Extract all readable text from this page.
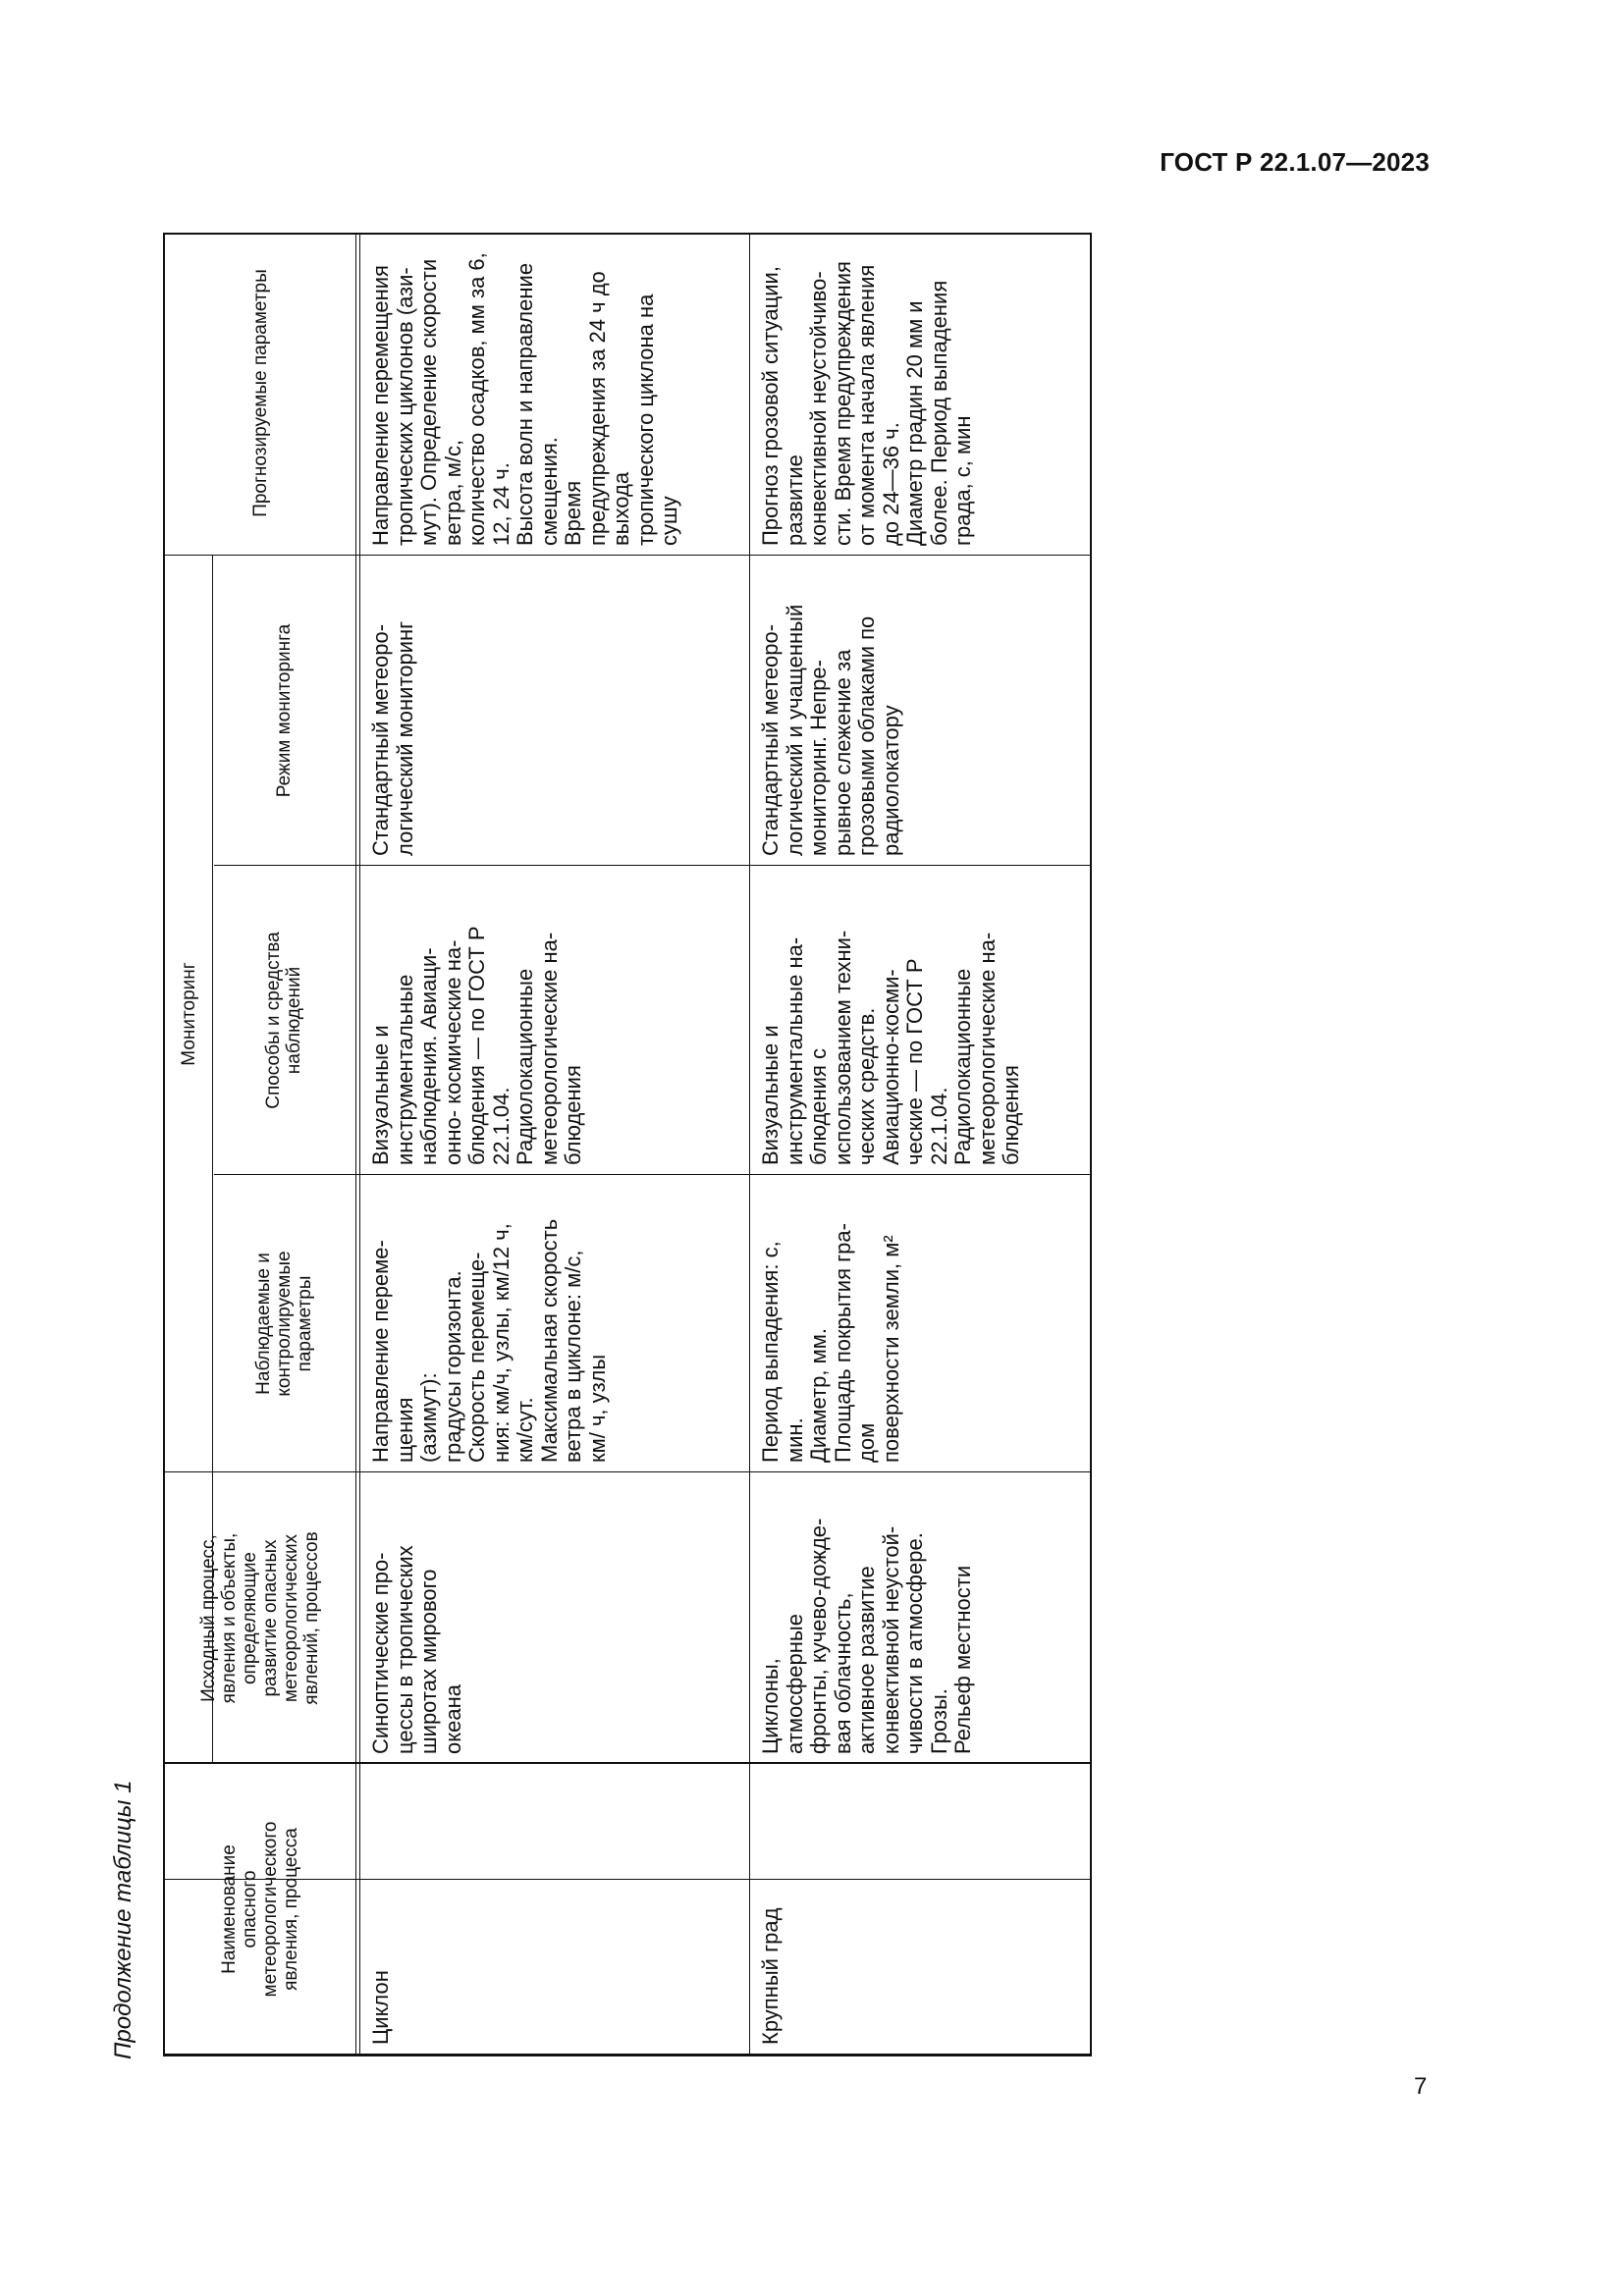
ГОСТ Р 22.1.07—2023
Продолжение таблицы 1	Наименование
опасного
метеорологического
явления, процесса
Исходный процесс,
явления и объекты,
определяющие
развитие опасных
метеорологических
явлений, процессов
Мониторинг
Наблюдаемые и
контролируемые
параметры
Способы и средства
наблюдений
Режим мониторинга
Прогнозируемые параметры
Циклон
Синоптические про-
цессы в тропических
широтах мирового
океана
Направление переме-
щения
(азимут):
градусы горизонта.
Скорость перемеще-
ния: км/ч, узлы, км/12 ч,
км/сут.
Максимальная скорость
ветра в циклоне: м/с,
км/ ч, узлы
Визуальные и
инструментальные
наблюдения. Авиаци-
онно- космические на-
блюдения — по ГОСТ Р
22.1.04.
Радиолокационные
метеорологические на-
блюдения
Стандартный метеоро-
логический мониторинг
Направление перемещения
тропических циклонов (ази-
мут). Определение скорости
ветра, м/с,
количество осадков, мм за 6,
12, 24 ч.
Высота волн и направление
смещения.
Время
предупреждения за 24 ч до
выхода
тропического циклона на
сушу
Крупный град
Циклоны,
атмосферные
фронты, кучево-дожде-
вая облачность,
активное развитие
конвективной неустой-
чивости в атмосфере.
Грозы.
Рельеф местности
Период выпадения: с,
мин.
Диаметр, мм.
Площадь покрытия гра-
дом
поверхности земли, м²
Визуальные и
инструментальные на-
блюдения с
использованием техни-
ческих средств.
Авиационно-косми-
ческие — по ГОСТ Р
22.1.04.
Радиолокационные
метеорологические на-
блюдения
Стандартный метеоро-
логический и учащенный
мониторинг. Непре-
рывное слежение за
грозовыми облаками по
радиолокатору
Прогноз грозовой ситуации,
развитие
конвективной неустойчиво-
сти. Время предупреждения
от момента начала явления
до 24—36 ч.
Диаметр градин 20 мм и
более. Период выпадения
града, с, мин
7
